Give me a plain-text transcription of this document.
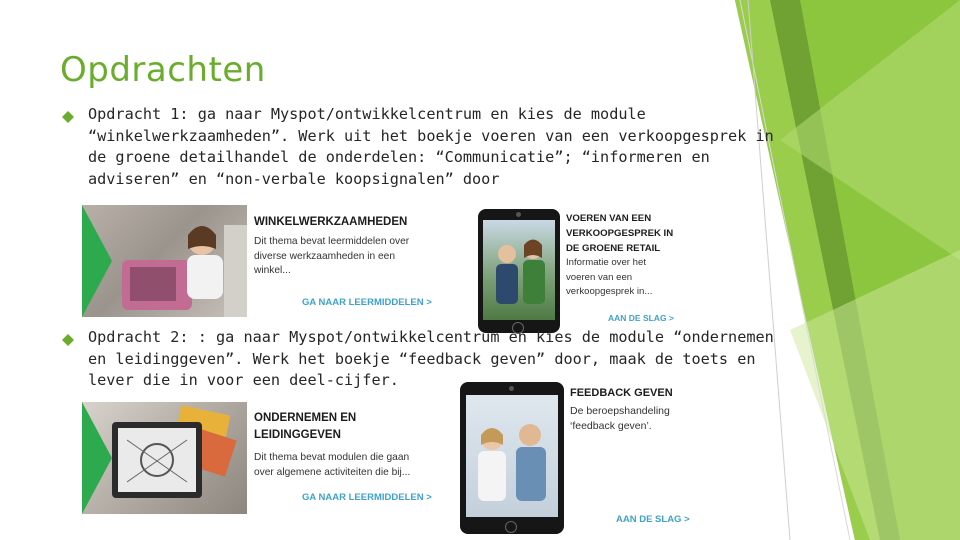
Opdrachten
Opdracht 1: ga naar Myspot/ontwikkelcentrum en kies de module
“winkelwerkzaamheden”. Werk uit het boekje voeren van een verkoopgesprek in
de groene detailhandel de onderdelen: “Communicatie”; “informeren en
adviseren” en “non-verbale koopsignalen” door
WINKELWERKZAAMHEDEN
Dit thema bevat leermiddelen over
diverse werkzaamheden in een
winkel...
GA NAAR LEERMIDDELEN >
VOEREN VAN EEN
VERKOOPGESPREK IN
DE GROENE RETAIL
Informatie over het
voeren van een
verkoopgesprek in...
AAN DE SLAG >
Opdracht 2: : ga naar Myspot/ontwikkelcentrum en kies de module “ondernemen
en leidinggeven”. Werk het boekje “feedback geven” door, maak de toets en
lever die in voor een deel-cijfer.
ONDERNEMEN EN
LEIDINGGEVEN
Dit thema bevat modulen die gaan
over algemene activiteiten die bij...
GA NAAR LEERMIDDELEN >
FEEDBACK GEVEN
De beroepshandeling
‘feedback geven’.
AAN DE SLAG >
